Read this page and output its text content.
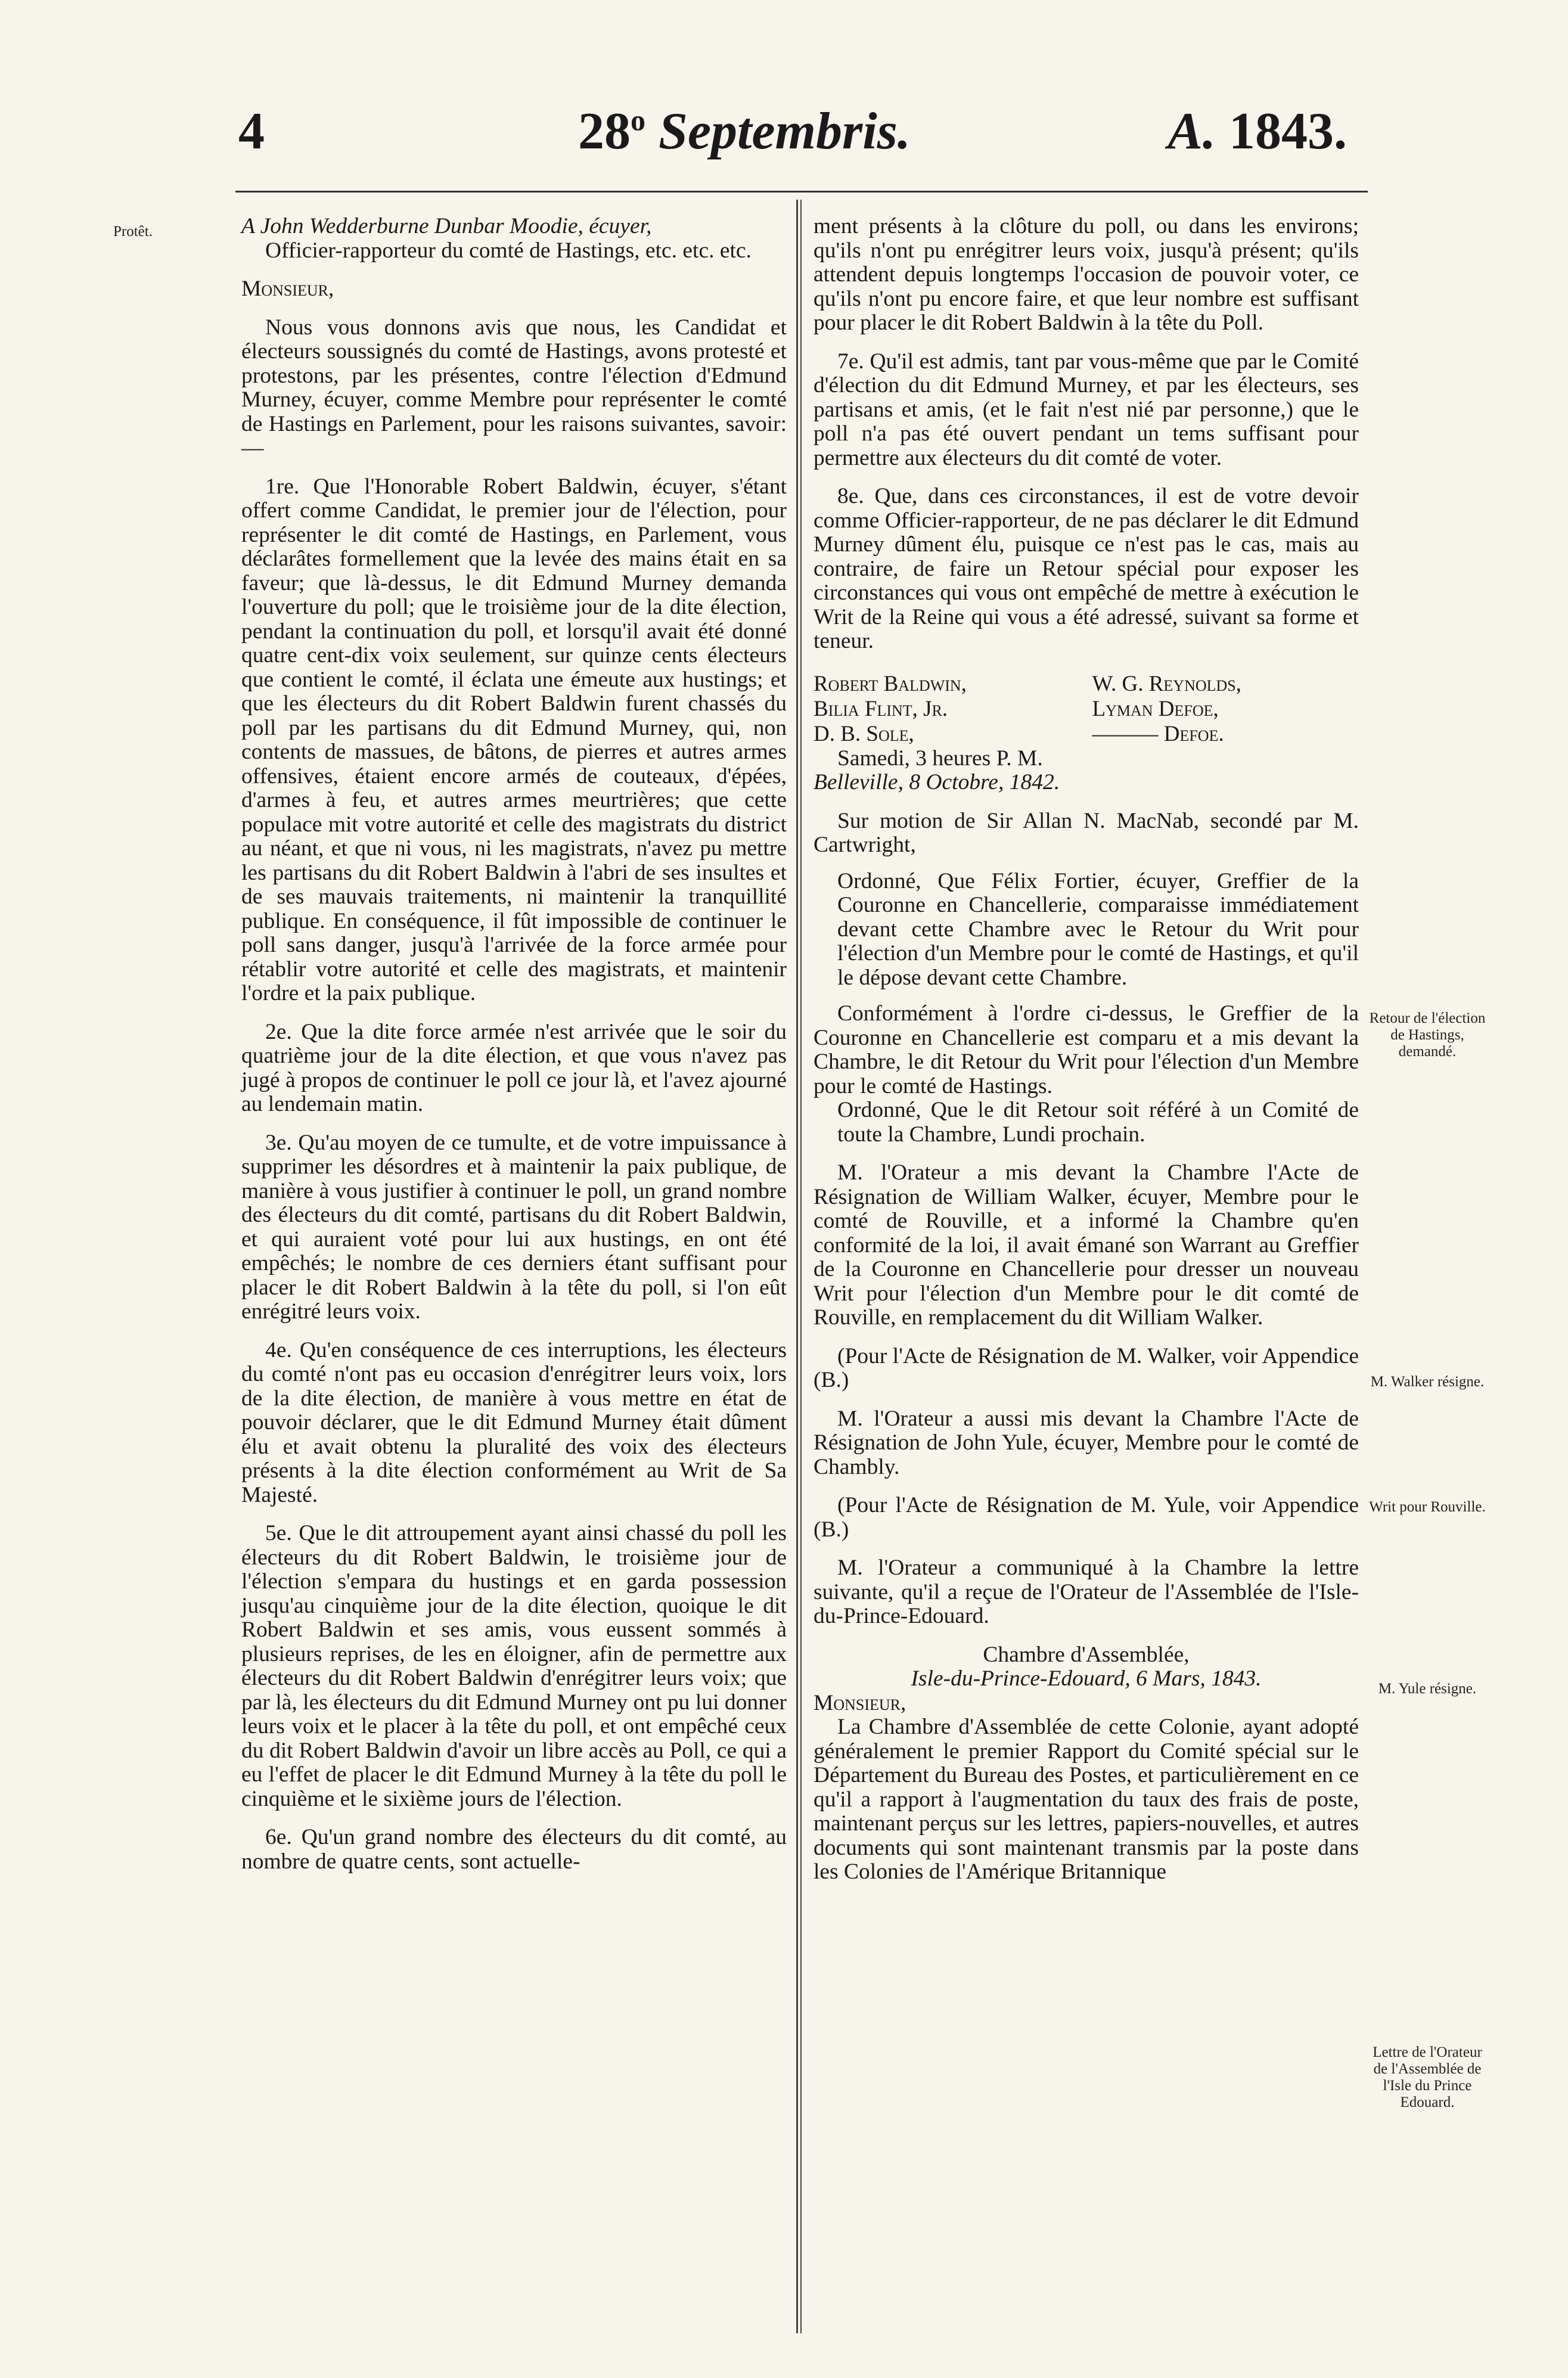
4	28$^o$ Septembris.	A. 1843.
Protêt.
Retour de l'élection de Hastings, demandé.
M. Walker résigne.
Writ pour Rouville.
M. Yule résigne.
Lettre de l'Orateur de l'Assemblée de l'Isle du Prince Edouard.

A John Wedderburne Dunbar Moodie, écuyer,

Officier-rapporteur du comté de Hastings, etc. etc. etc.

Monsieur,

Nous vous donnons avis que nous, les Candidat et électeurs soussignés du comté de Hastings, avons protesté et protestons, par les présentes, contre l'élection d'Edmund Murney, écuyer, comme Membre pour représenter le comté de Hastings en Parlement, pour les raisons suivantes, savoir:—

1re. Que l'Honorable Robert Baldwin, écuyer, s'étant offert comme Candidat, le premier jour de l'élection, pour représenter le dit comté de Hastings, en Parlement, vous déclarâtes formellement que la levée des mains était en sa faveur; que là-dessus, le dit Edmund Murney demanda l'ouverture du poll; que le troisième jour de la dite élection, pendant la continuation du poll, et lorsqu'il avait été donné quatre cent-dix voix seulement, sur quinze cents électeurs que contient le comté, il éclata une émeute aux hustings; et que les électeurs du dit Robert Baldwin furent chassés du poll par les partisans du dit Edmund Murney, qui, non contents de massues, de bâtons, de pierres et autres armes offensives, étaient encore armés de couteaux, d'épées, d'armes à feu, et autres armes meurtrières; que cette populace mit votre autorité et celle des magistrats du district au néant, et que ni vous, ni les magistrats, n'avez pu mettre les partisans du dit Robert Baldwin à l'abri de ses insultes et de ses mauvais traitements, ni maintenir la tranquillité publique. En conséquence, il fût impossible de continuer le poll sans danger, jusqu'à l'arrivée de la force armée pour rétablir votre autorité et celle des magistrats, et maintenir l'ordre et la paix publique.

2e. Que la dite force armée n'est arrivée que le soir du quatrième jour de la dite élection, et que vous n'avez pas jugé à propos de continuer le poll ce jour là, et l'avez ajourné au lendemain matin.

3e. Qu'au moyen de ce tumulte, et de votre impuissance à supprimer les désordres et à maintenir la paix publique, de manière à vous justifier à continuer le poll, un grand nombre des électeurs du dit comté, partisans du dit Robert Baldwin, et qui auraient voté pour lui aux hustings, en ont été empêchés; le nombre de ces derniers étant suffisant pour placer le dit Robert Baldwin à la tête du poll, si l'on eût enrégitré leurs voix.

4e. Qu'en conséquence de ces interruptions, les électeurs du comté n'ont pas eu occasion d'enrégitrer leurs voix, lors de la dite élection, de manière à vous mettre en état de pouvoir déclarer, que le dit Edmund Murney était dûment élu et avait obtenu la pluralité des voix des électeurs présents à la dite élection conformément au Writ de Sa Majesté.

5e. Que le dit attroupement ayant ainsi chassé du poll les électeurs du dit Robert Baldwin, le troisième jour de l'élection s'empara du hustings et en garda possession jusqu'au cinquième jour de la dite élection, quoique le dit Robert Baldwin et ses amis, vous eussent sommés à plusieurs reprises, de les en éloigner, afin de permettre aux électeurs du dit Robert Baldwin d'enrégitrer leurs voix; que par là, les électeurs du dit Edmund Murney ont pu lui donner leurs voix et le placer à la tête du poll, et ont empêché ceux du dit Robert Baldwin d'avoir un libre accès au Poll, ce qui a eu l'effet de placer le dit Edmund Murney à la tête du poll le cinquième et le sixième jours de l'élection.

6e. Qu'un grand nombre des électeurs du dit comté, au nombre de quatre cents, sont actuelle-

ment présents à la clôture du poll, ou dans les environs; qu'ils n'ont pu enrégitrer leurs voix, jusqu'à présent; qu'ils attendent depuis longtemps l'occasion de pouvoir voter, ce qu'ils n'ont pu encore faire, et que leur nombre est suffisant pour placer le dit Robert Baldwin à la tête du Poll.

7e. Qu'il est admis, tant par vous-même que par le Comité d'élection du dit Edmund Murney, et par les électeurs, ses partisans et amis, (et le fait n'est nié par personne,) que le poll n'a pas été ouvert pendant un tems suffisant pour permettre aux électeurs du dit comté de voter.

8e. Que, dans ces circonstances, il est de votre devoir comme Officier-rapporteur, de ne pas déclarer le dit Edmund Murney dûment élu, puisque ce n'est pas le cas, mais au contraire, de faire un Retour spécial pour exposer les circonstances qui vous ont empêché de mettre à exécution le Writ de la Reine qui vous a été adressé, suivant sa forme et teneur.

Robert Baldwin,	W. G. Reynolds,
Bilia Flint, Jr.	Lyman Defoe,
D. B. Sole,	——— Defoe.

Samedi, 3 heures P. M.

Belleville, 8 Octobre, 1842.

Sur motion de Sir Allan N. MacNab, secondé par M. Cartwright,

Ordonné, Que Félix Fortier, écuyer, Greffier de la Couronne en Chancellerie, comparaisse immédiatement devant cette Chambre avec le Retour du Writ pour l'élection d'un Membre pour le comté de Hastings, et qu'il le dépose devant cette Chambre.

Conformément à l'ordre ci-dessus, le Greffier de la Couronne en Chancellerie est comparu et a mis devant la Chambre, le dit Retour du Writ pour l'élection d'un Membre pour le comté de Hastings.

Ordonné, Que le dit Retour soit référé à un Comité de toute la Chambre, Lundi prochain.

M. l'Orateur a mis devant la Chambre l'Acte de Résignation de William Walker, écuyer, Membre pour le comté de Rouville, et a informé la Chambre qu'en conformité de la loi, il avait émané son Warrant au Greffier de la Couronne en Chancellerie pour dresser un nouveau Writ pour l'élection d'un Membre pour le dit comté de Rouville, en remplacement du dit William Walker.

(Pour l'Acte de Résignation de M. Walker, voir Appendice (B.)

M. l'Orateur a aussi mis devant la Chambre l'Acte de Résignation de John Yule, écuyer, Membre pour le comté de Chambly.

(Pour l'Acte de Résignation de M. Yule, voir Appendice (B.)

M. l'Orateur a communiqué à la Chambre la lettre suivante, qu'il a reçue de l'Orateur de l'Assemblée de l'Isle-du-Prince-Edouard.

Chambre d'Assemblée,

Isle-du-Prince-Edouard, 6 Mars, 1843.

Monsieur,

La Chambre d'Assemblée de cette Colonie, ayant adopté généralement le premier Rapport du Comité spécial sur le Département du Bureau des Postes, et particulièrement en ce qu'il a rapport à l'augmentation du taux des frais de poste, maintenant perçus sur les lettres, papiers-nouvelles, et autres documents qui sont maintenant transmis par la poste dans les Colonies de l'Amérique Britannique
